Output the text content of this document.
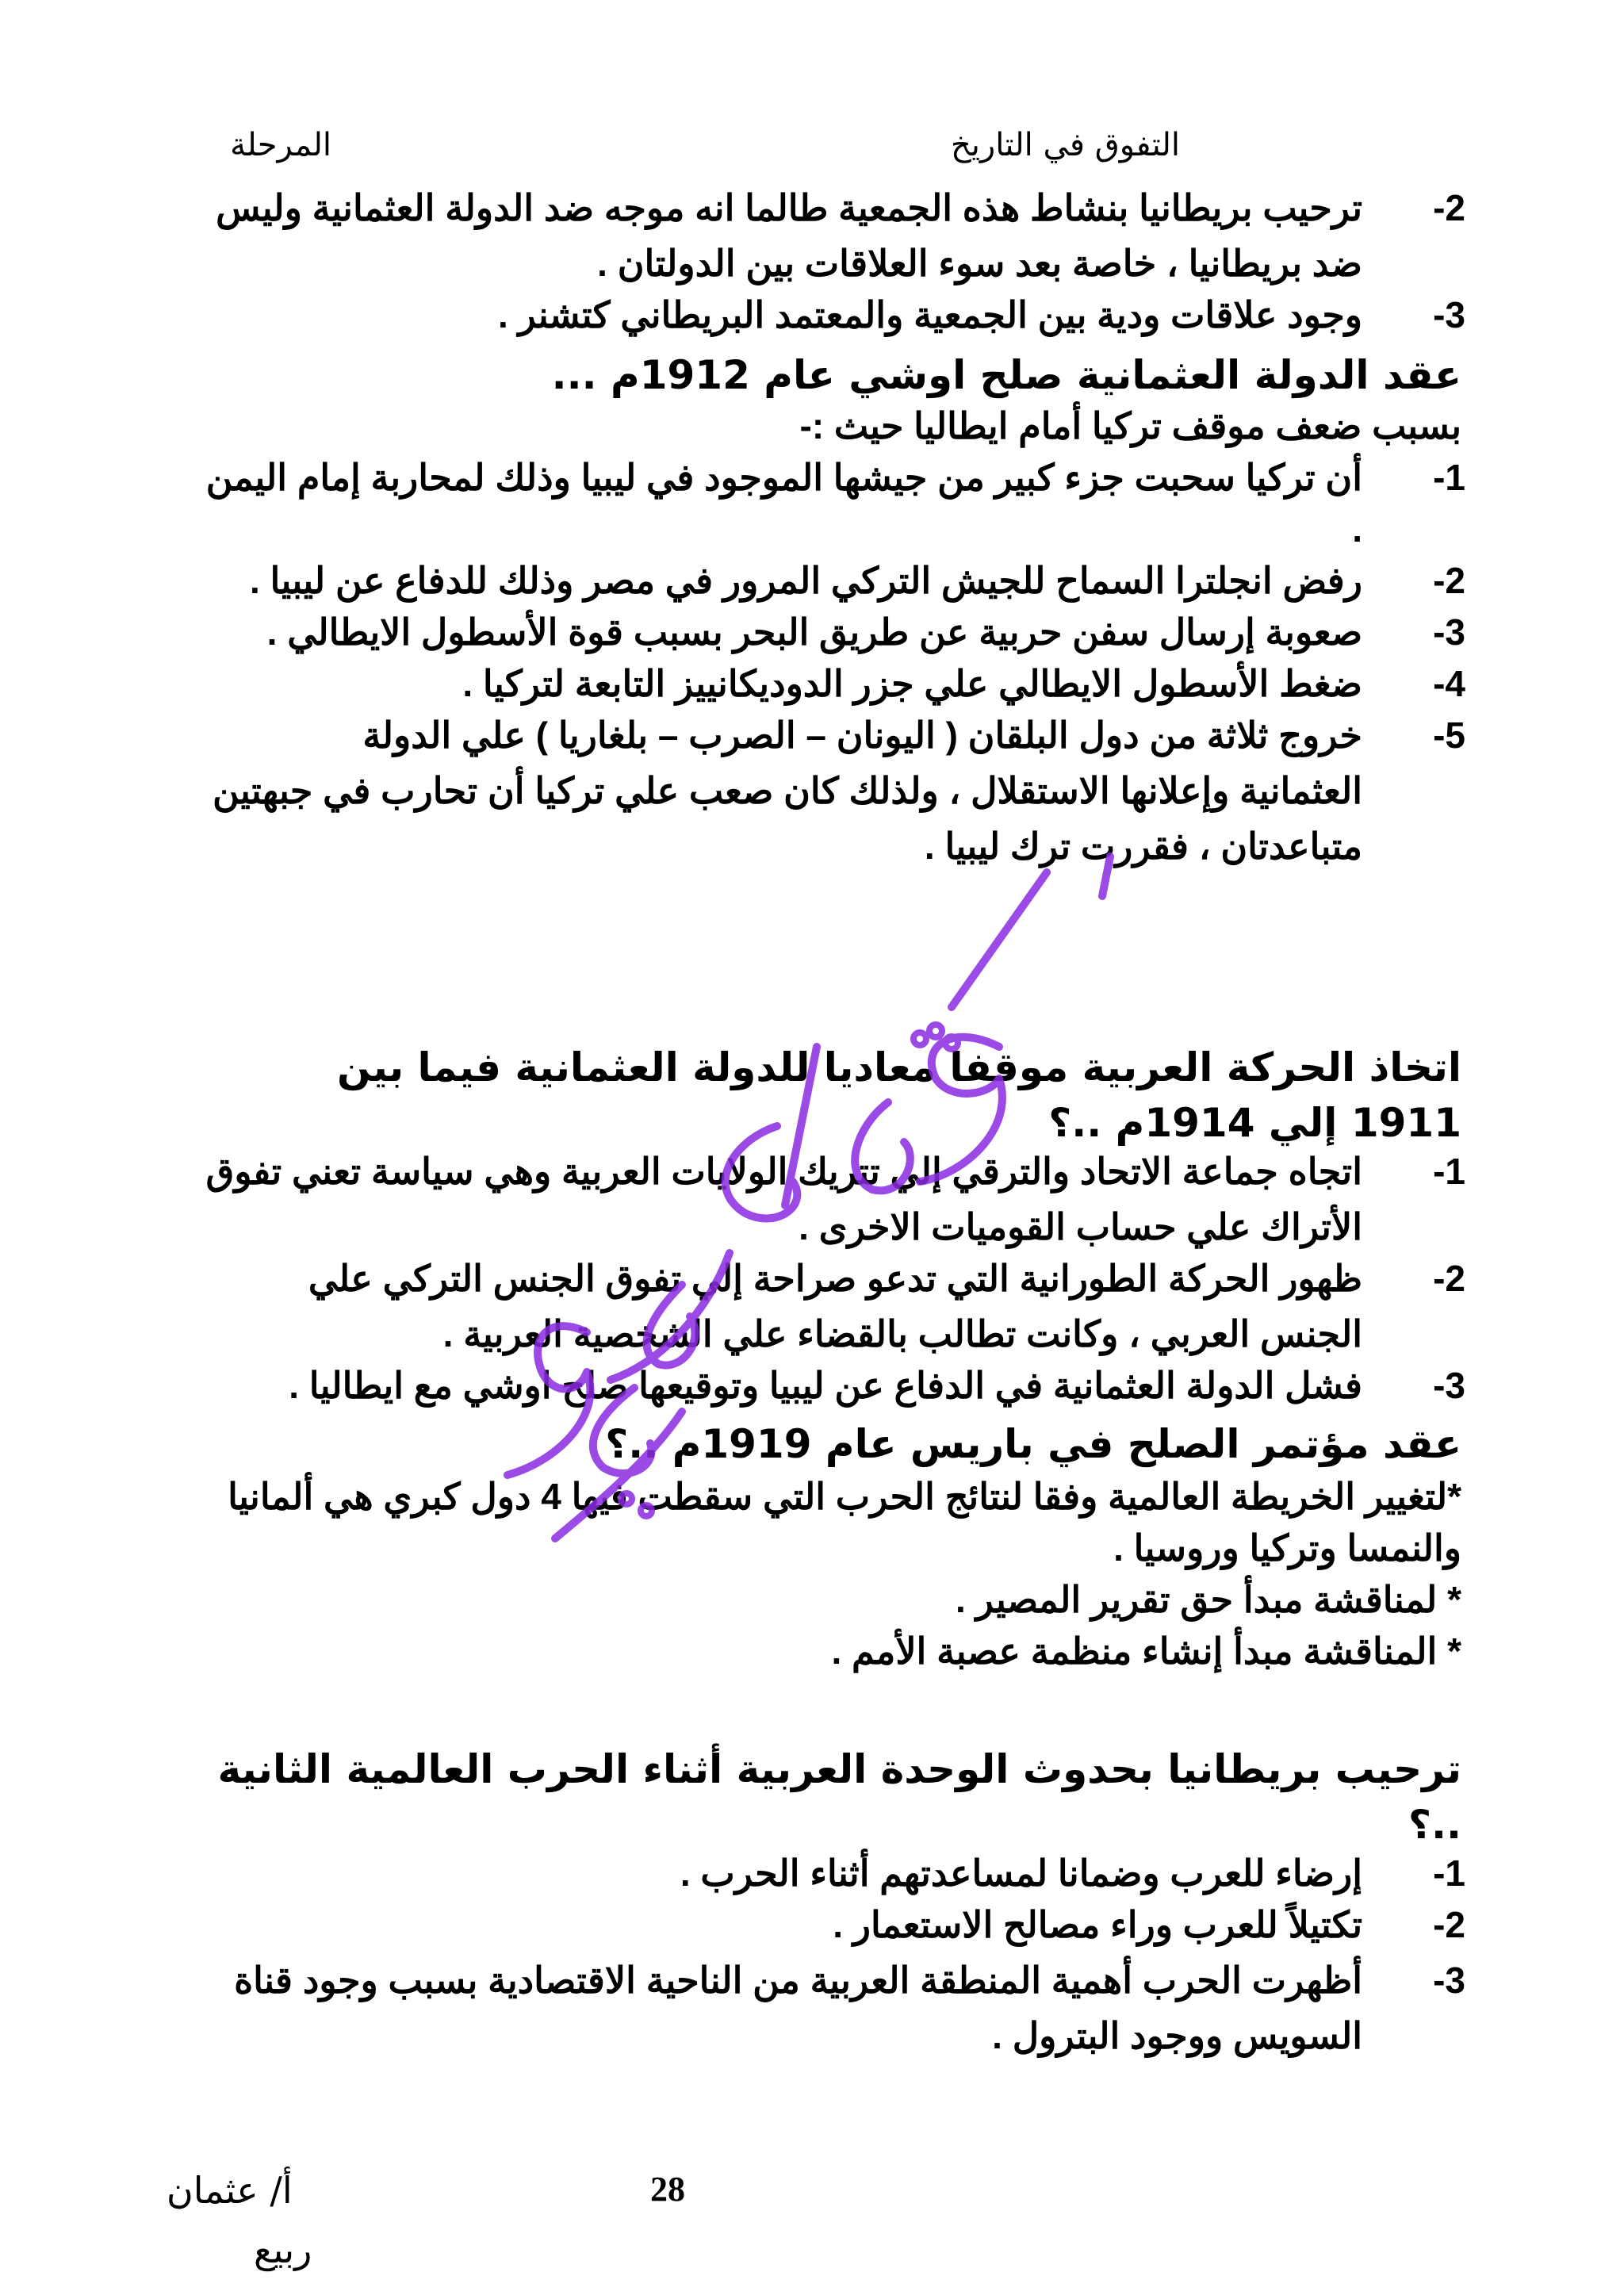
التفوق في التاريخ
المرحلة
2-
ترحيب بريطانيا بنشاط هذه الجمعية طالما انه موجه ضد الدولة العثمانية وليس
ضد بريطانيا ، خاصة بعد سوء العلاقات بين الدولتان .
3-
وجود علاقات ودية بين الجمعية والمعتمد البريطاني كتشنر .
عقد الدولة العثمانية صلح اوشي عام 1912م ...
بسبب ضعف موقف تركيا أمام ايطاليا حيث :-
1-
أن تركيا سحبت جزء كبير من جيشها الموجود في ليبيا وذلك لمحاربة إمام اليمن
.
2-
رفض انجلترا السماح للجيش التركي المرور في مصر وذلك للدفاع عن ليبيا .
3-
صعوبة إرسال سفن حربية عن طريق البحر بسبب قوة الأسطول الايطالي .
4-
ضغط الأسطول الايطالي علي جزر الدوديكانييز التابعة لتركيا .
5-
خروج ثلاثة من دول البلقان ( اليونان – الصرب – بلغاريا ) علي الدولة
العثمانية وإعلانها الاستقلال ، ولذلك كان صعب علي تركيا أن تحارب في جبهتين
متباعدتان ، فقررت ترك ليبيا .
اتخاذ الحركة العربية موقفا معاديا للدولة العثمانية فيما بين
1911 إلي 1914م ..؟
1-
اتجاه جماعة الاتحاد والترقي إلي تتريك الولايات العربية وهي سياسة تعني تفوق
الأتراك علي حساب القوميات الاخرى .
2-
ظهور الحركة الطورانية التي تدعو صراحة إلي تفوق الجنس التركي علي
الجنس العربي ، وكانت تطالب بالقضاء علي الشخصية العربية .
3-
فشل الدولة العثمانية في الدفاع عن ليبيا وتوقيعها صلح اوشي مع ايطاليا .
عقد مؤتمر الصلح في باريس عام 1919م ..؟
*لتغيير الخريطة العالمية وفقا لنتائج الحرب التي سقطت فيها 4 دول كبري هي ألمانيا
والنمسا وتركيا وروسيا .
* لمناقشة مبدأ حق تقرير المصير .
* المناقشة مبدأ إنشاء منظمة عصبة الأمم .
ترحيب بريطانيا بحدوث الوحدة العربية أثناء الحرب العالمية الثانية
..؟
1-
إرضاء للعرب وضمانا لمساعدتهم أثناء الحرب .
2-
تكتيلاً للعرب وراء مصالح الاستعمار .
3-
أظهرت الحرب أهمية المنطقة العربية من الناحية الاقتصادية بسبب وجود قناة
السويس ووجود البترول .
28
أ/ عثمان
ربيع
